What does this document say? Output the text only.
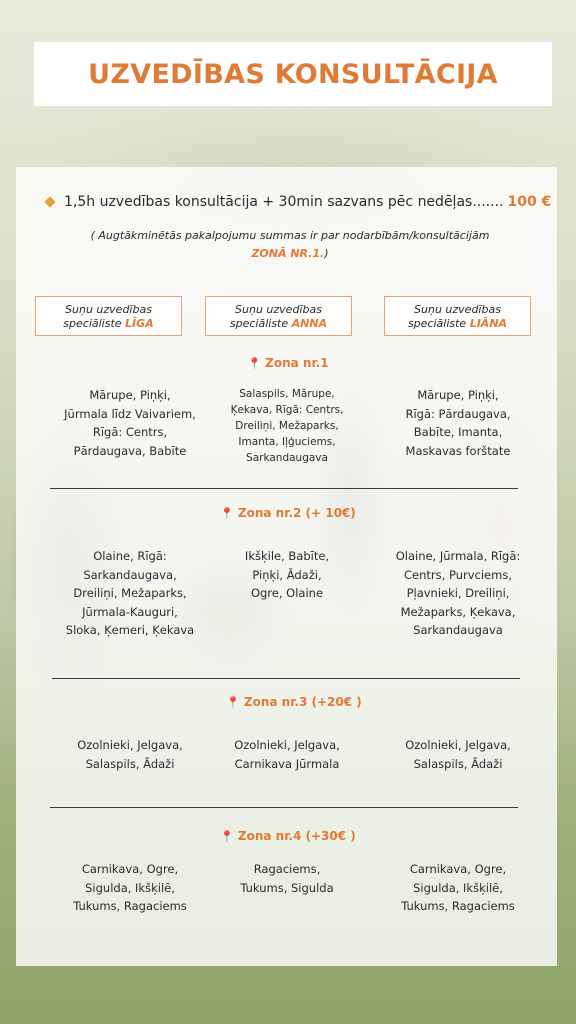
UZVEDĪBAS KONSULTĀCIJA
1,5h uzvedības konsultācija + 30min sazvans pēc nedēļas....... 100 €
( Augtākminētās pakalpojumu summas ir par nodarbībām/konsultācijām
ZONĀ NR.1.)
Suņu uzvedības
speciāliste LĪGA
Suņu uzvedības
speciāliste ANNA
Suņu uzvedības
speciāliste LIĀNA
📍 Zona nr.1
Mārupe, Piņķi,
Jūrmala līdz Vaivariem,
Rīgā: Centrs,
Pārdaugava, Babīte
Salaspils, Mārupe,
Ķekava, Rīgā: Centrs,
Dreiliņi, Mežaparks,
Imanta, Iļģuciems,
Sarkandaugava
Mārupe, Piņķi,
Rīgā: Pārdaugava,
Babīte, Imanta,
Maskavas forštate
📍 Zona nr.2 (+ 10€)
Olaine, Rīgā:
Sarkandaugava,
Dreiliņi, Mežaparks,
Jūrmala-Kauguri,
Sloka, Ķemeri, Ķekava
Ikšķile, Babīte,
Piņķi, Ādaži,
Ogre, Olaine
Olaine, Jūrmala, Rīgā:
Centrs, Purvciems,
Pļavnieki, Dreiliņi,
Mežaparks, Ķekava,
Sarkandaugava
📍 Zona nr.3 (+20€ )
Ozolnieki, Jelgava,
Salaspils, Ādaži
Ozolnieki, Jelgava,
Carnikava Jūrmala
Ozolnieki, Jelgava,
Salaspils, Ādaži
📍 Zona nr.4 (+30€ )
Carnikava, Ogre,
Sigulda, Ikšķilē,
Tukums, Ragaciems
Ragaciems,
Tukums, Sigulda
Carnikava, Ogre,
Sigulda, Ikšķilē,
Tukums, Ragaciems
